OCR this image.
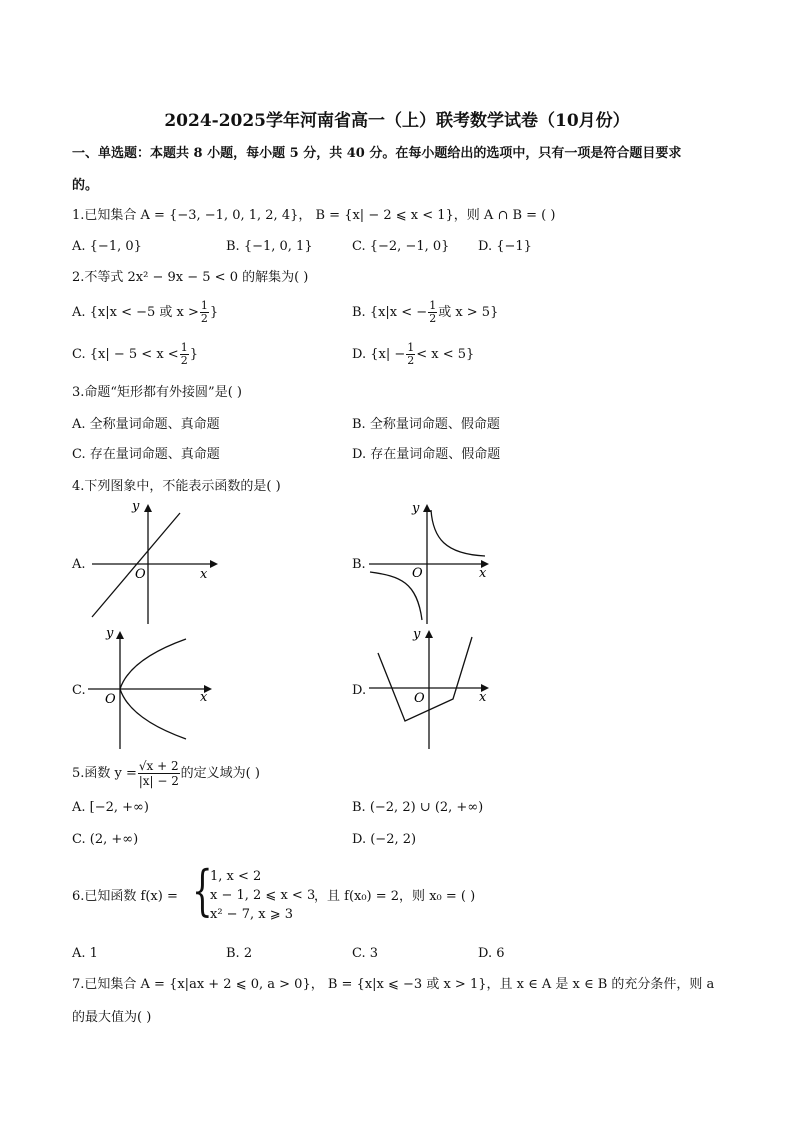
2024-2025学年河南省高一（上）联考数学试卷（10月份）
一、单选题：本题共 8 小题，每小题 5 分，共 40 分。在每小题给出的选项中，只有一项是符合题目要求
的。
1.已知集合 A = {−3, −1, 0, 1, 2, 4}， B = {x| − 2 ⩽ x < 1}，则 A ∩ B = ( )
A. {−1, 0}	B. {−1, 0, 1}	C. {−2, −1, 0} D. {−1}
2.不等式 2x² − 9x − 5 < 0 的解集为( )
A. {x|x < −5 或 $x > \frac{1}{2}$ }	B. {x|x < − $\frac{1}{2}$ 或 x > 5}
C. {$x| - 5 < x < \frac{1}{2}$ }	D. $\{x| - \frac{1}{2} < x < 5\}$
3.命题“矩形都有外接圆”是( )
A. 全称量词命题、真命题	B. 全称量词命题、假命题
C. 存在量词命题、真命题	D. 存在量词命题、假命题
4.下列图象中，不能表示函数的是( )
A.
y
x
O
B.
y
x
O
C.
y
x
O
D.
y
x
O
5.函数 $y = \frac{√x + 2}{|x| - 2}$ 的定义域为( )
A. [−2, +∞)	B. (−2, 2) ∪ (2, +∞)
C. (2, +∞)	D. (−2, 2)
6.已知函数 f(x) = {
1, x < 2
x − 1, 2 ⩽ x < 3
x² − 7, x ⩾ 3
，且 f(x₀) = 2，则 x₀ = ( )
A. 1	B. 2	C. 3	D. 6
7.已知集合 A = {x|ax + 2 ⩽ 0, a > 0}， B = {x|x ⩽ −3 或 x > 1}，且 x ∈ A 是 x ∈ B 的充分条件，则 a
的最大值为( )
